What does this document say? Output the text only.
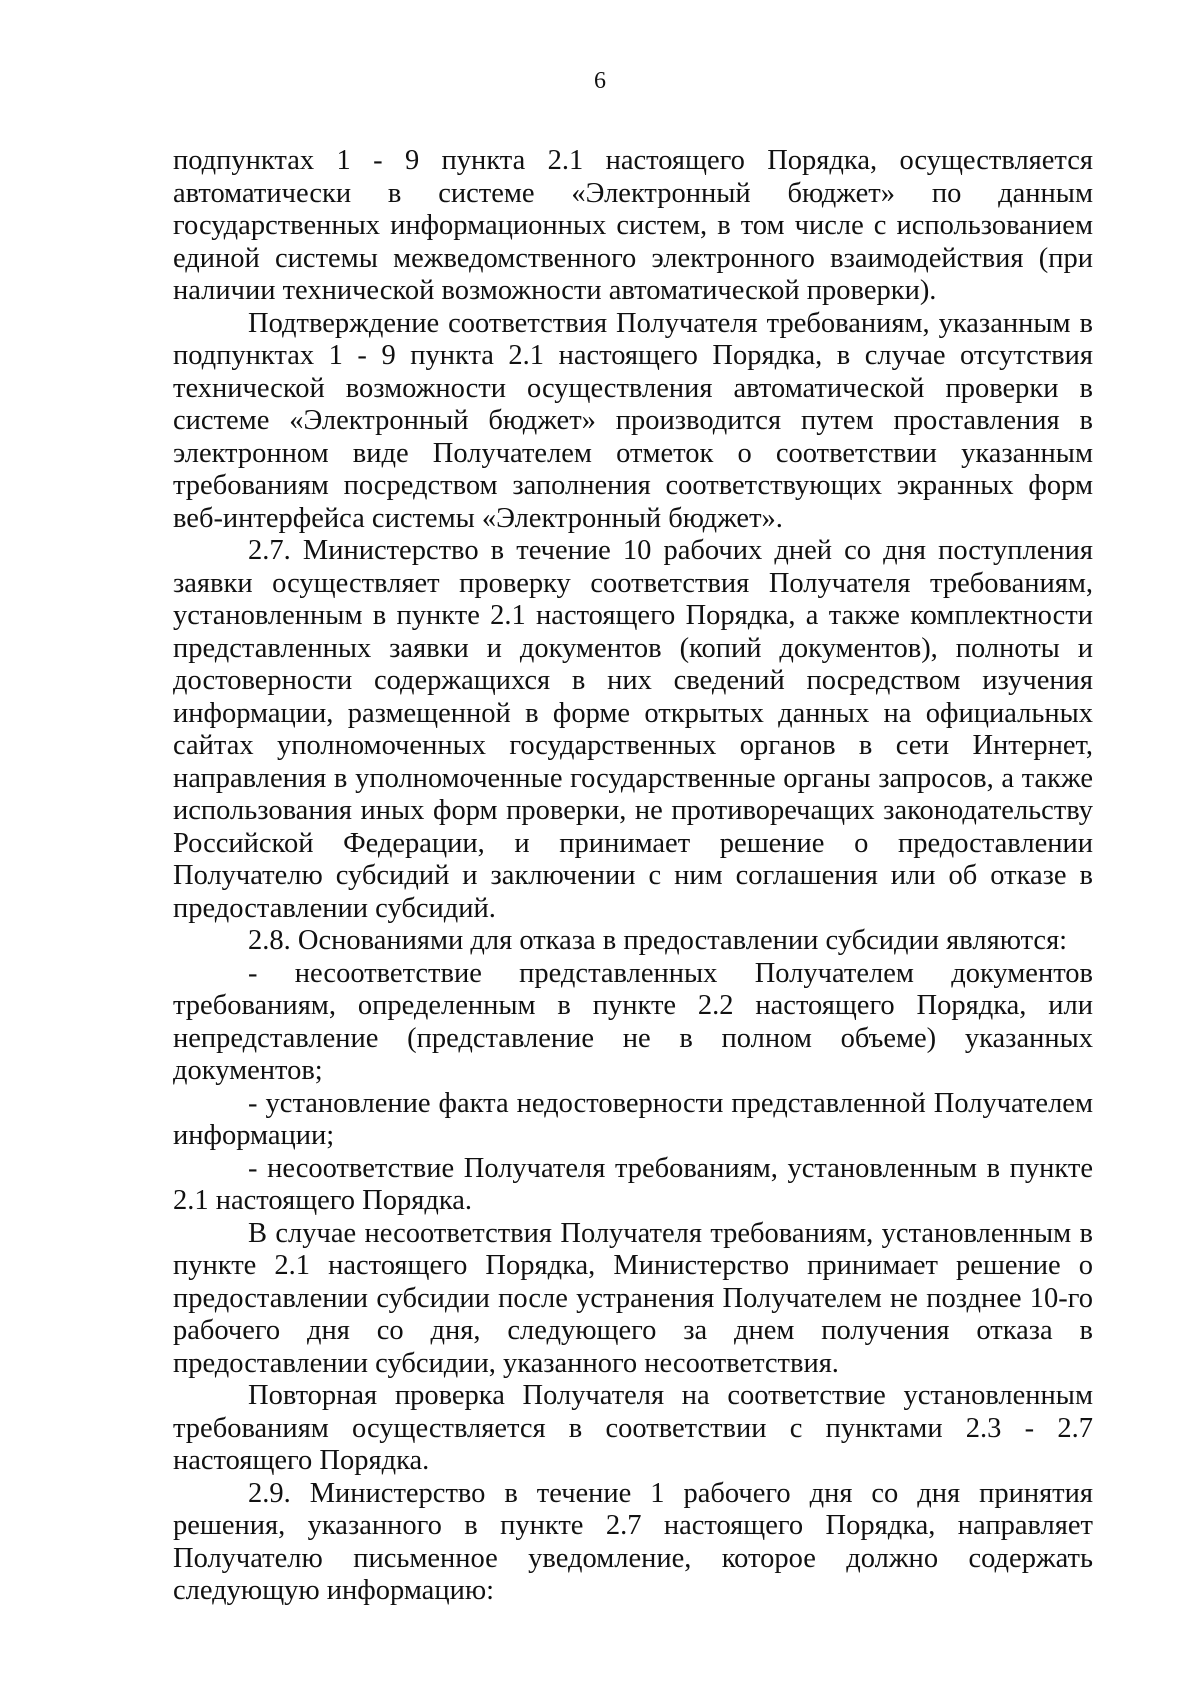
6

подпунктах 1 - 9 пункта 2.1 настоящего Порядка, осуществляется автоматически в системе «Электронный бюджет» по данным государственных информационных систем, в том числе с использованием единой системы межведомственного электронного взаимодействия (при наличии технической возможности автоматической проверки).

Подтверждение соответствия Получателя требованиям, указанным в подпунктах 1 - 9 пункта 2.1 настоящего Порядка, в случае отсутствия технической возможности осуществления автоматической проверки в системе «Электронный бюджет» производится путем проставления в электронном виде Получателем отметок о соответствии указанным требованиям посредством заполнения соответствующих экранных форм веб-интерфейса системы «Электронный бюджет».

2.7. Министерство в течение 10 рабочих дней со дня поступления заявки осуществляет проверку соответствия Получателя требованиям, установленным в пункте 2.1 настоящего Порядка, а также комплектности представленных заявки и документов (копий документов), полноты и достоверности содержащихся в них сведений посредством изучения информации, размещенной в форме открытых данных на официальных сайтах уполномоченных государственных органов в сети Интернет, направления в уполномоченные государственные органы запросов, а также использования иных форм проверки, не противоречащих законодательству Российской Федерации, и принимает решение о предоставлении Получателю субсидий и заключении с ним соглашения или об отказе в предоставлении субсидий.

2.8. Основаниями для отказа в предоставлении субсидии являются:

- несоответствие представленных Получателем документов требованиям, определенным в пункте 2.2 настоящего Порядка, или непредставление (представление не в полном объеме) указанных документов;

- установление факта недостоверности представленной Получателем информации;

- несоответствие Получателя требованиям, установленным в пункте 2.1 настоящего Порядка.

В случае несоответствия Получателя требованиям, установленным в пункте 2.1 настоящего Порядка, Министерство принимает решение о предоставлении субсидии после устранения Получателем не позднее 10-го рабочего дня со дня, следующего за днем получения отказа в предоставлении субсидии, указанного несоответствия.

Повторная проверка Получателя на соответствие установленным требованиям осуществляется в соответствии с пунктами 2.3 - 2.7 настоящего Порядка.

2.9. Министерство в течение 1 рабочего дня со дня принятия решения, указанного в пункте 2.7 настоящего Порядка, направляет Получателю письменное уведомление, которое должно содержать следующую информацию:
